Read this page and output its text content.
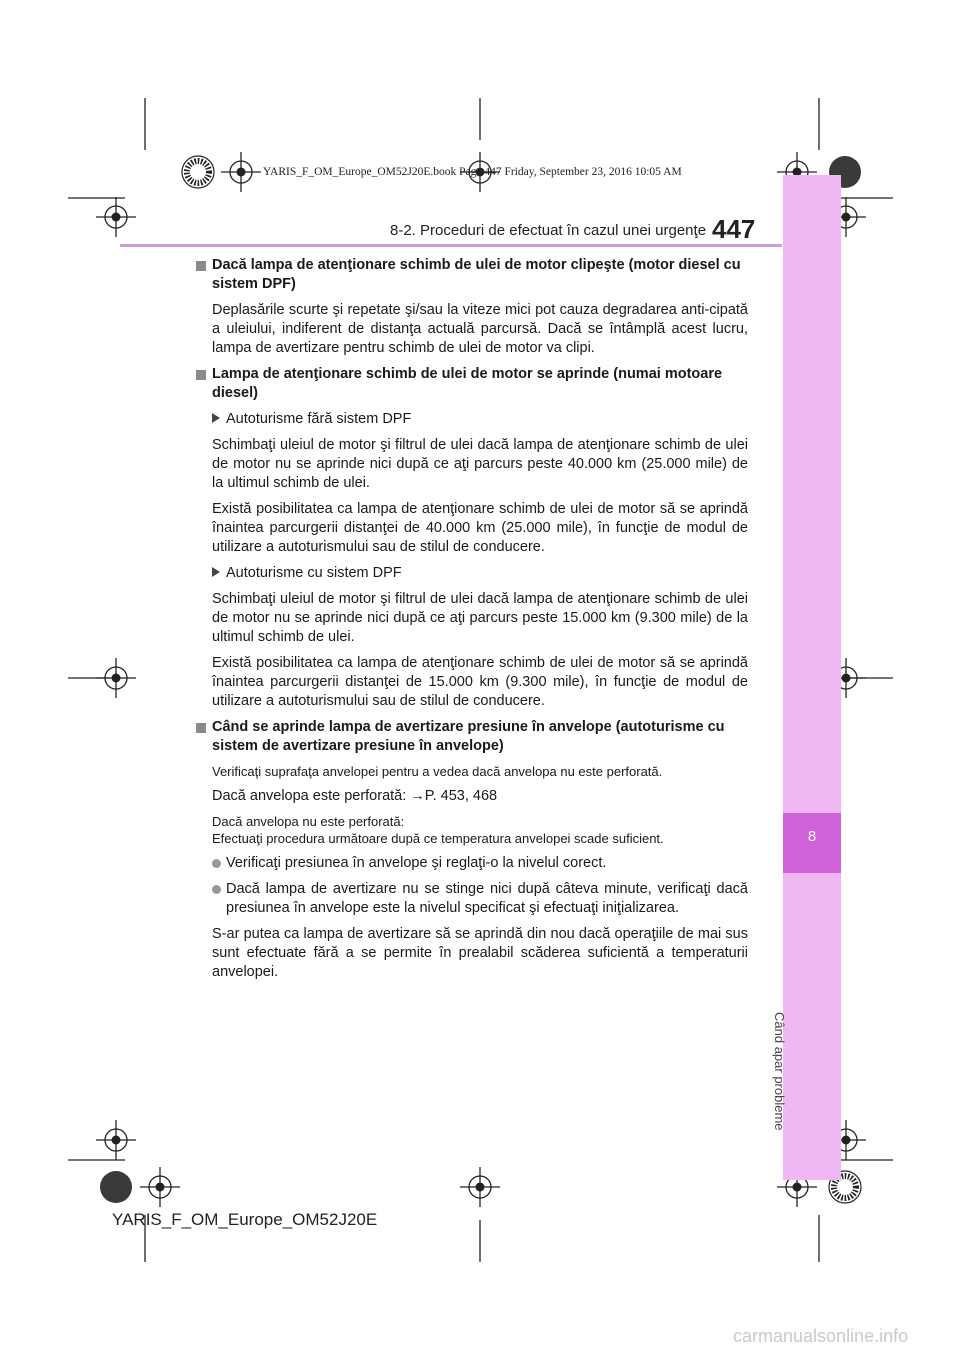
8
Când apar probleme
YARIS_F_OM_Europe_OM52J20E.book Page 447 Friday, September 23, 2016 10:05 AM
8-2. Proceduri de efectuat în cazul unei urgenţe 447
Dacă lampa de atenţionare schimb de ulei de motor clipeşte (motor diesel cu sistem DPF)

Deplasările scurte şi repetate şi/sau la viteze mici pot cauza degradarea anti-cipată a uleiului, indiferent de distanţa actuală parcursă. Dacă se întâmplă acest lucru, lampa de avertizare pentru schimb de ulei de motor va clipi.

Lampa de atenţionare schimb de ulei de motor se aprinde (numai motoare diesel)
Autoturisme fără sistem DPF

Schimbaţi uleiul de motor şi filtrul de ulei dacă lampa de atenţionare schimb de ulei de motor nu se aprinde nici după ce aţi parcurs peste 40.000 km (25.000 mile) de la ultimul schimb de ulei.

Există posibilitatea ca lampa de atenţionare schimb de ulei de motor să se aprindă înaintea parcurgerii distanţei de 40.000 km (25.000 mile), în funcţie de modul de utilizare a autoturismului sau de stilul de conducere.

Autoturisme cu sistem DPF

Schimbaţi uleiul de motor şi filtrul de ulei dacă lampa de atenţionare schimb de ulei de motor nu se aprinde nici după ce aţi parcurs peste 15.000 km (9.300 mile) de la ultimul schimb de ulei.

Există posibilitatea ca lampa de atenţionare schimb de ulei de motor să se aprindă înaintea parcurgerii distanţei de 15.000 km (9.300 mile), în funcţie de modul de utilizare a autoturismului sau de stilul de conducere.

Când se aprinde lampa de avertizare presiune în anvelope (autoturisme cu sistem de avertizare presiune în anvelope)

Verificaţi suprafaţa anvelopei pentru a vedea dacă anvelopa nu este perforată.

Dacă anvelopa este perforată: →P. 453, 468

Dacă anvelopa nu este perforată:

Efectuaţi procedura următoare după ce temperatura anvelopei scade suficient.

Verificaţi presiunea în anvelope şi reglaţi-o la nivelul corect.
Dacă lampa de avertizare nu se stinge nici după câteva minute, verificaţi dacă presiunea în anvelope este la nivelul specificat şi efectuaţi iniţializarea.

S-ar putea ca lampa de avertizare să se aprindă din nou dacă operaţiile de mai sus sunt efectuate fără a se permite în prealabil scăderea suficientă a temperaturii anvelopei.

YARIS_F_OM_Europe_OM52J20E
carmanualsonline.info
